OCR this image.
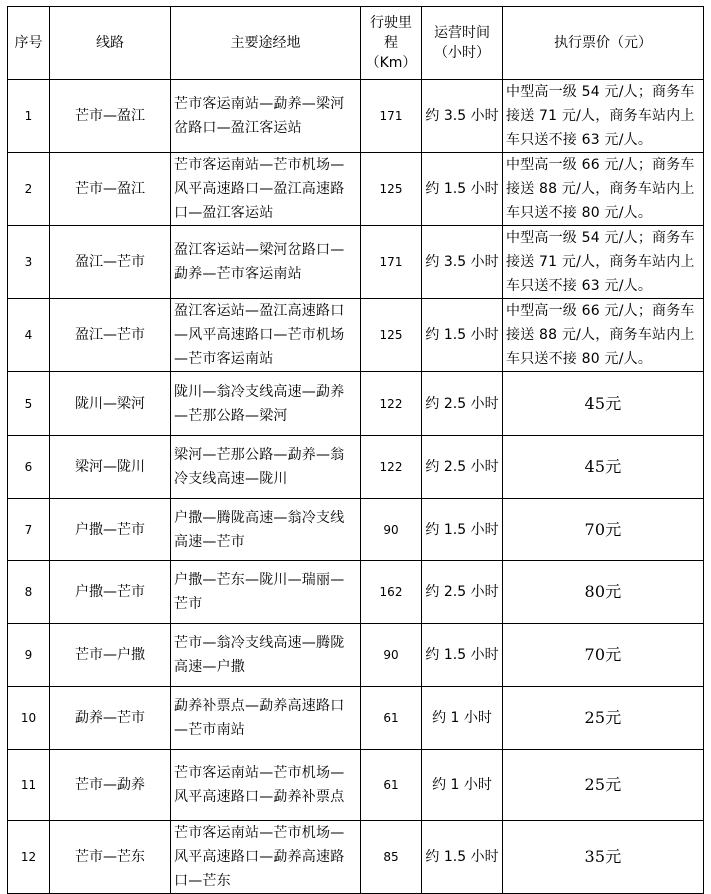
序号	线路	主要途经地	行驶里程（Km）	运营时间（小时）	执行票价（元）
1	芒市—盈江	芒市客运南站—勐养—梁河岔路口—盈江客运站	171	约 3.5 小时	中型高一级 54 元/人；商务车接送 71 元/人，商务车站内上车只送不接 63 元/人。
2	芒市—盈江	芒市客运南站—芒市机场—风平高速路口—盈江高速路口—盈江客运站	125	约 1.5 小时	中型高一级 66 元/人；商务车接送 88 元/人，商务车站内上车只送不接 80 元/人。
3	盈江—芒市	盈江客运站—梁河岔路口—勐养—芒市客运南站	171	约 3.5 小时	中型高一级 54 元/人；商务车接送 71 元/人，商务车站内上车只送不接 63 元/人。
4	盈江—芒市	盈江客运站—盈江高速路口—风平高速路口—芒市机场—芒市客运南站	125	约 1.5 小时	中型高一级 66 元/人；商务车接送 88 元/人，商务车站内上车只送不接 80 元/人。
5	陇川—梁河	陇川—翁冷支线高速—勐养—芒那公路—梁河	122	约 2.5 小时	45元
6	梁河—陇川	梁河—芒那公路—勐养—翁冷支线高速—陇川	122	约 2.5 小时	45元
7	户撒—芒市	户撒—腾陇高速—翁冷支线高速—芒市	90	约 1.5 小时	70元
8	户撒—芒市	户撒—芒东—陇川—瑞丽—芒市	162	约 2.5 小时	80元
9	芒市—户撒	芒市—翁冷支线高速—腾陇高速—户撒	90	约 1.5 小时	70元
10	勐养—芒市	勐养补票点—勐养高速路口—芒市南站	61	约 1 小时	25元
11	芒市—勐养	芒市客运南站—芒市机场—风平高速路口—勐养补票点	61	约 1 小时	25元
12	芒市—芒东	芒市客运南站—芒市机场—风平高速路口—勐养高速路口—芒东	85	约 1.5 小时	35元
